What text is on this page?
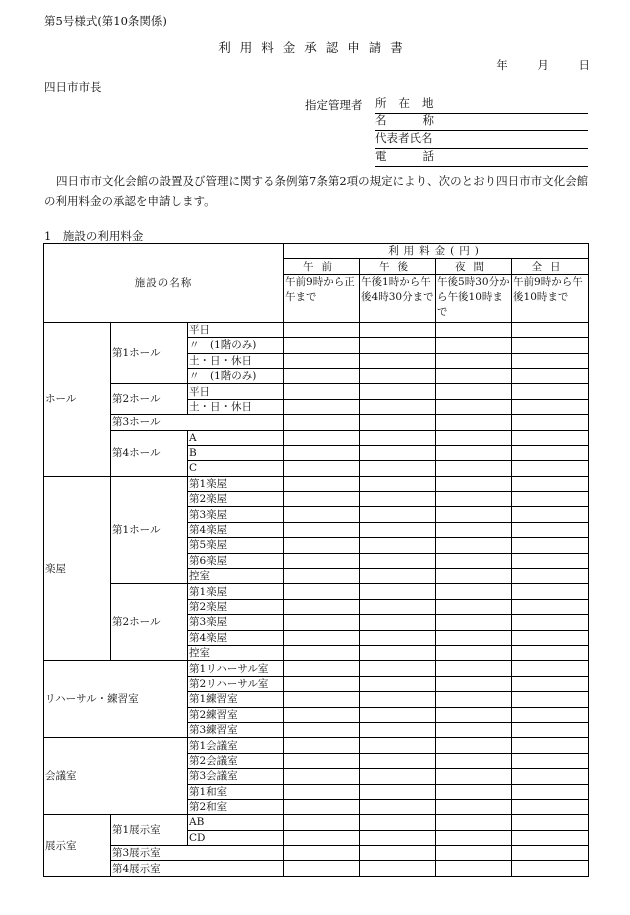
第5号様式(第10条関係)
利用料金承認申請書
年	月	日
四日市市長
指定管理者 所在地
名称
代表者氏名
電話
四日市市文化会館の設置及び管理に関する条例第7条第2項の規定により、次のとおり四日市市文化会館の利用料金の承認を申請します。
1　施設の利用料金
施設の名称			利用料金(円)			
			午前	午後	夜間	全日
			午前9時から正午まで	午後1時から午後4時30分まで	午後5時30分から午後10時まで	午前9時から午後10時まで
ホール	第1ホール	平日				
		〃　(1階のみ)				
		土・日・休日				
		〃　(1階のみ)				
	第2ホール	平日				
		土・日・休日				
	第3ホール					
	第4ホール	A				
		B				
		C				
楽屋	第1ホール	第1楽屋				
		第2楽屋				
		第3楽屋				
		第4楽屋				
		第5楽屋				
		第6楽屋				
		控室				
	第2ホール	第1楽屋				
		第2楽屋				
		第3楽屋				
		第4楽屋				
		控室				
リハーサル・練習室		第1リハーサル室				
		第2リハーサル室				
		第1練習室				
		第2練習室				
		第3練習室				
会議室		第1会議室				
		第2会議室				
		第3会議室				
		第1和室				
		第2和室				
展示室	第1展示室	AB				
		CD				
	第3展示室					
	第4展示室					
